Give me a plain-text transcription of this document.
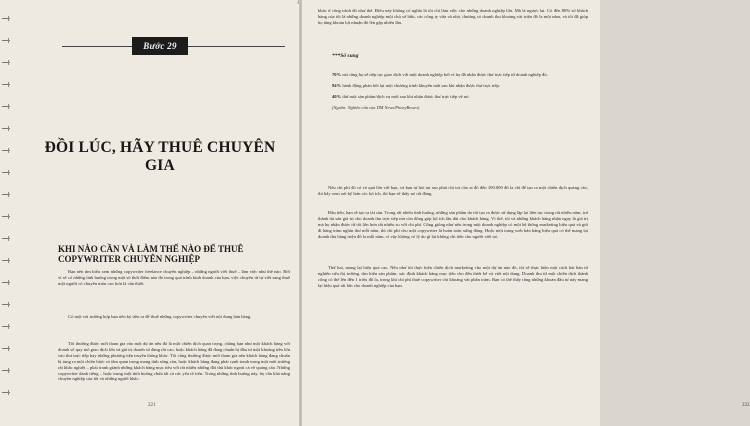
Bước 29
ĐỒI LÚC, HÃY THUÊ CHUYÊN GIA
KHI NÀO CẦN VÀ LÀM THẾ NÀO ĐỂ THUÊ COPYWRITER CHUYÊN NGHIỆP

Bạn nên tìm hiểu xem những copywriter freelance chuyên nghiệp – những người viết thuê – làm việc như thế nào. Bởi vì sẽ có những tình huống trong một số thời điểm nào đó trong quá trình kinh doanh của bạn, việc chuyên từ tự viết sang thuê một người có chuyên môn cao hơn là cần thiết.

Có một vài trường hợp bạn nên ký tiền ra để thuê những copywriter chuyên viết nội dung bán hàng.

Tôi thường được mời tham gia vào một dự án nếu đó là một chiến dịch quan trọng, chẳng hạn như một khách hàng với doanh số quy mô giao dịch lớn và giá trị doanh số đang rất cao, hoặc khách hàng đã đang chuẩn bị đầu tư một khoảng tiền lớn vào thư trực tiếp hay những phương tiện truyền thông khác. Tôi cũng thường được mời tham gia nếu khách hàng đang chuẩn bị tung ra một chiến lược có tầm quan trọng mang tính sống còn, hoặc khách hàng đang phải cạnh tranh trong một môi trường rất khắc nghiệt – phải tranh giành những khách hàng mục tiêu với rất nhiều những đối thủ khác ngoài cả về quảng cáo. Những copywriter danh tiếng – hoặc trung một tình huống chứa tất cả các yếu tố trên. Trong những tình huống này, họ cần khả năng chuyên nghiệp của tôi và những người khác.

221

khác ở công trình đó như thế. Điều này không có nghĩa là tôi chỉ làm việc cho những doanh nghiệp lớn. Mà là ngược lại. Có đến 80% số khách hàng của tôi là những doanh nghiệp một chủ sở hữu, các công ty vừa và nhỏ, thương có doanh thu khoảng vài triệu đô la một năm, và tôi đã giúp họ tăng khoản lợi nhuận đó lên gấp nhiều lần.

***Số sung
70% nói rằng họ sẽ tiếp tục giao dịch với một doanh nghiệp bởi vì họ đã nhận được thư trực tiếp từ doanh nghiệp đó.
94% hành động phản hồi lại một chương trình khuyến mãi sau khi nhận được thư trực tiếp.
40% thử một sản phẩm/dịch vụ mới sau khi nhận được thư trực tiếp về nó.
(Nguồn: Nghiên cứu của DM News/PitneyBowes)

Nếu chi phí đó có vẻ quá lớn với bạn, và bạn tự hỏi tại sao phải chi trả cho ai đó đến 100.000 đô la chỉ để tạo ra một chiến dịch quảng cáo, thì hãy xem xét kỹ hơn các lợi ích, thì bạn sẽ thấy nó rất đáng.

Đầu tiên, bạn sẽ tạo ra tài sản. Trong rất nhiều tình huống, những sản phẩm do tôi tạo ra được sử dụng lặp lại liên tục trong rất nhiều năm, trở thành tài sản giá trị cho doanh thu trực tiếp mà còn đóng góp lợi ích lâu dài cho khách hàng. Vì thế, tôi và những khách hàng nhận ngay là giá trị mà họ nhận được từ tôi lớn hơn rất nhiều so với chi phí. Cũng giống như nếu trong một doanh nghiệp có một hệ thống marketing hiệu quả và gửi đi hàng trăm nghìn thư mỗi năm, thì chi phí cho một copywriter là hoàn toàn xứng đáng. Hoặc một trang web bán hàng hiệu quả có thể mang lại doanh thu hàng triệu đô la mỗi năm, vì vậy không có lý do gì lại không chi tiền cho người viết nó.

Thứ hai, mang lại hiệu quả cao. Nếu như tôi thực hiện chiến dịch marketing cho một dự án nào đó, tôi sẽ thực hiện một cách bài bản từ nghiên cứu thị trường, tìm hiểu sản phẩm, xác định khách hàng mục tiêu cho đến thiết kế và viết nội dung. Doanh thu từ một chiến dịch thành công có thể lên đến 1 triệu đô la, trong khi chi phí thuê copywriter chỉ khoảng vài phần trăm. Bạn có thể thấy rằng những khoản đầu tư này mang lại hiệu quả rất lớn cho doanh nghiệp của bạn.

222
